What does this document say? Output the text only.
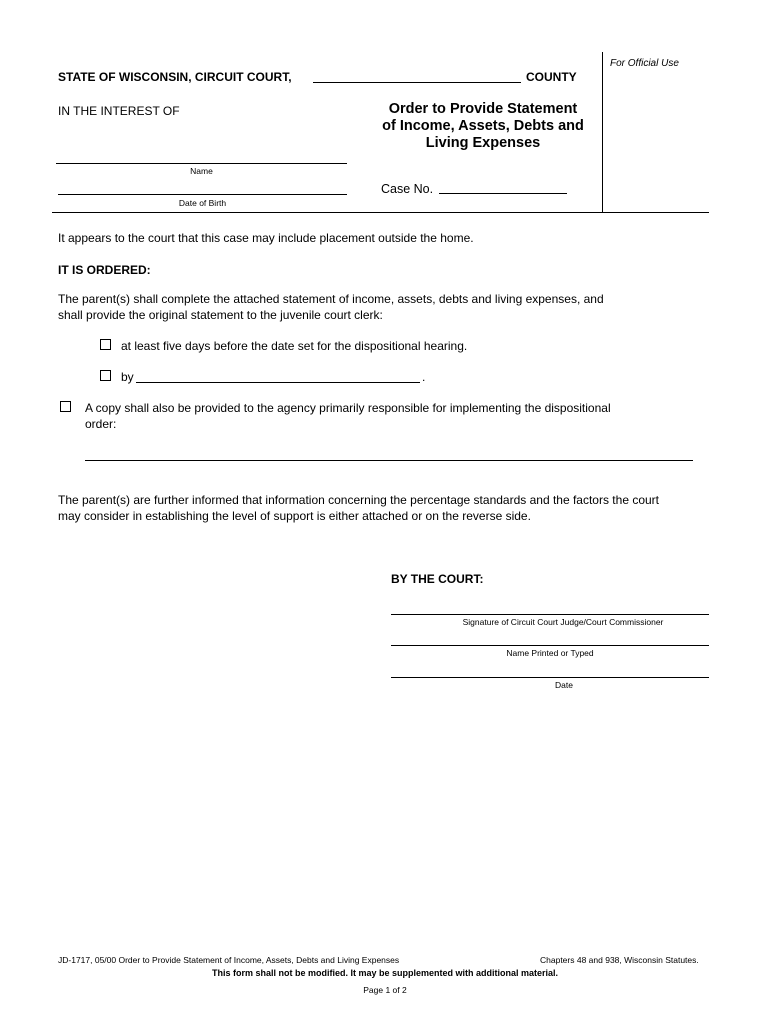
For Official Use
STATE OF WISCONSIN, CIRCUIT COURT,	COUNTY
IN THE INTEREST OF
Name
Date of Birth
Order to Provide Statement
of Income, Assets, Debts and
Living Expenses
Case No.
It appears to the court that this case may include placement outside the home.
IT IS ORDERED:
The parent(s) shall complete the attached statement of income, assets, debts and living expenses, and
shall provide the original statement to the juvenile court clerk:
at least five days before the date set for the dispositional hearing.
by	.
A copy shall also be provided to the agency primarily responsible for implementing the dispositional
order:
The parent(s) are further informed that information concerning the percentage standards and the factors the court
may consider in establishing the level of support is either attached or on the reverse side.
BY THE COURT:
Signature of Circuit Court Judge/Court Commissioner
Name Printed or Typed
Date
JD-1717, 05/00 Order to Provide Statement of Income, Assets, Debts and Living Expenses	Chapters 48 and 938, Wisconsin Statutes.
This form shall not be modified. It may be supplemented with additional material.
Page 1 of 2
